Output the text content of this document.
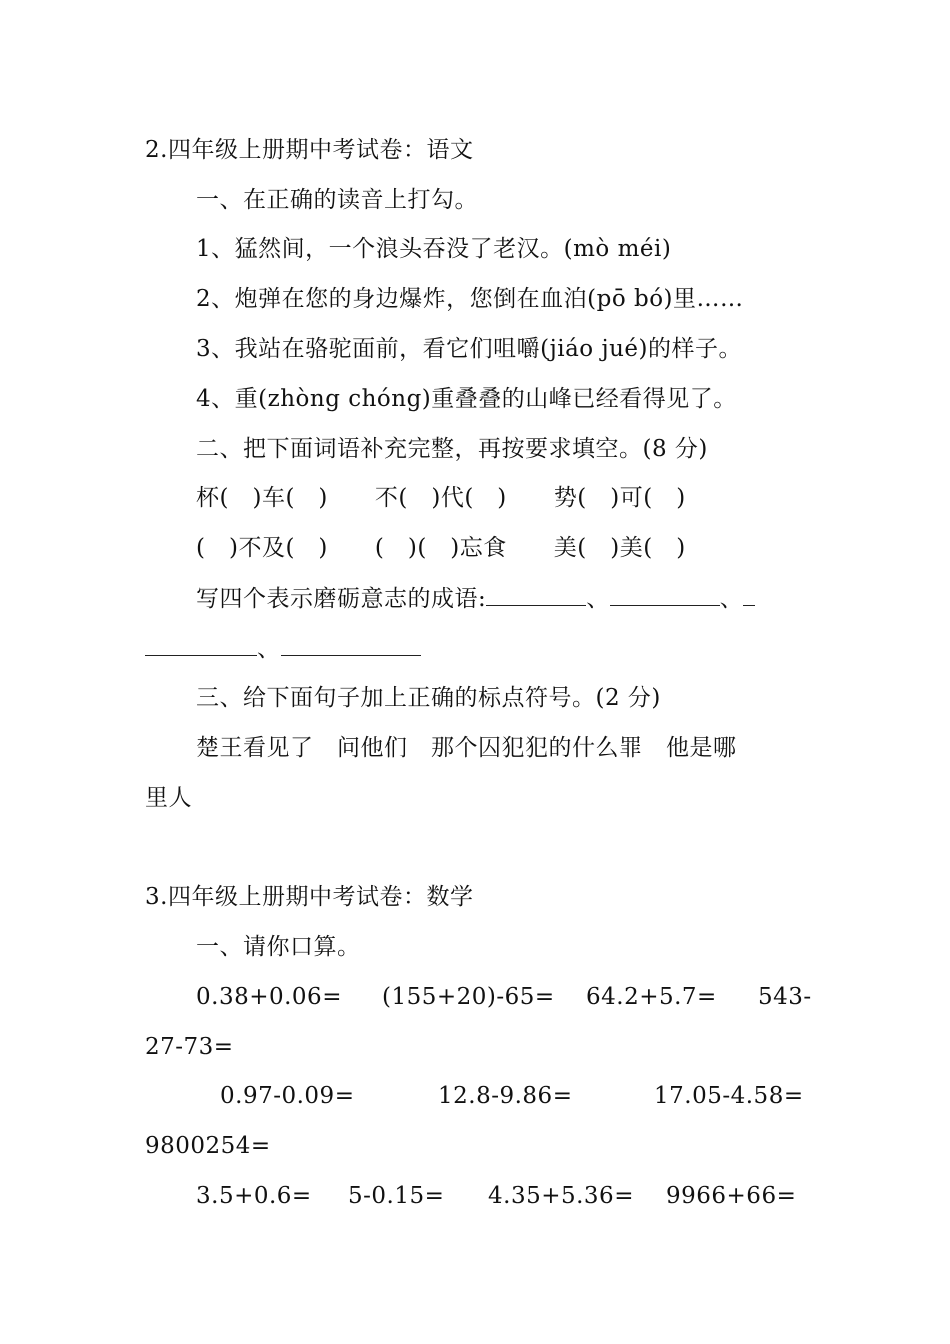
2.四年级上册期中考试卷：语文
一、在正确的读音上打勾。
1、猛然间，一个浪头吞没了老汉。(mò méi)
2、炮弹在您的身边爆炸，您倒在血泊(pō bó)里……
3、我站在骆驼面前，看它们咀嚼(jiáo jué)的样子。
4、重(zhòng chóng)重叠叠的山峰已经看得见了。
二、把下面词语补充完整，再按要求填空。(8 分)
杯(　)车(　)　　不(　)代(　)　　势(　)可(　)
(　)不及(　)　　(　)(　)忘食　　美(　)美(　)
写四个表示磨砺意志的成语:	、	、
、
三、给下面句子加上正确的标点符号。(2 分)
楚王看见了　问他们　那个囚犯犯的什么罪　他是哪
里人
3.四年级上册期中考试卷：数学
一、请你口算。
0.38+0.06= (155+20)-65= 64.2+5.7= 543-
27-73=
0.97-0.09=	12.8-9.86=	17.05-4.58=
9800254=
3.5+0.6= 5-0.15= 4.35+5.36= 9966+66=
